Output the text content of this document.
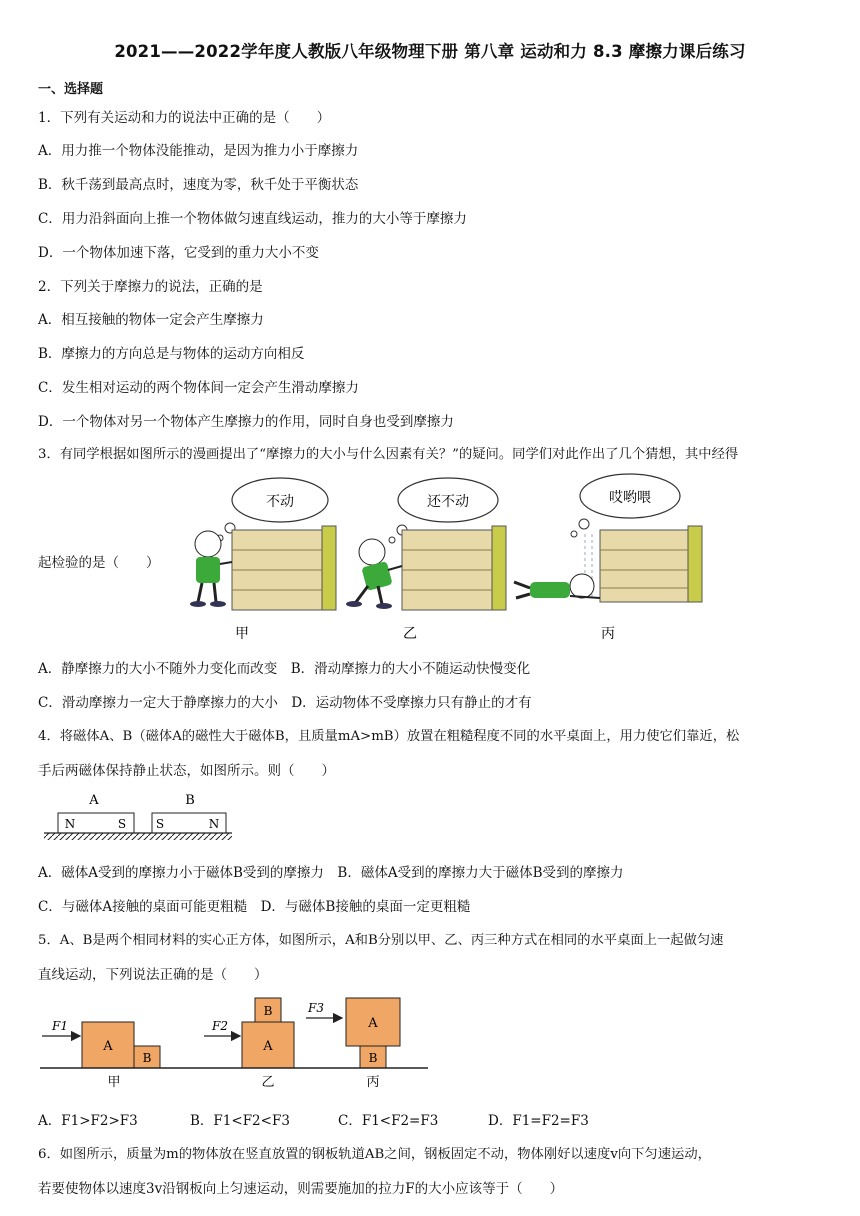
2021——2022学年度人教版八年级物理下册 第八章 运动和力 8.3 摩擦力课后练习
一、选择题
1．下列有关运动和力的说法中正确的是（　　）
A．用力推一个物体没能推动，是因为推力小于摩擦力
B．秋千荡到最高点时，速度为零，秋千处于平衡状态
C．用力沿斜面向上推一个物体做匀速直线运动，推力的大小等于摩擦力
D．一个物体加速下落，它受到的重力大小不变
2．下列关于摩擦力的说法，正确的是
A．相互接触的物体一定会产生摩擦力
B．摩擦力的方向总是与物体的运动方向相反
C．发生相对运动的两个物体间一定会产生滑动摩擦力
D．一个物体对另一个物体产生摩擦力的作用，同时自身也受到摩擦力
3．有同学根据如图所示的漫画提出了“摩擦力的大小与什么因素有关？”的疑问。同学们对此作出了几个猜想，其中经得
起检验的是（　　）
不动
甲
还不动
乙
哎哟喂
丙
A．静摩擦力的大小不随外力变化而改变　B．滑动摩擦力的大小不随运动快慢变化
C．滑动摩擦力一定大于静摩擦力的大小　D．运动物体不受摩擦力只有静止的才有
4．将磁体A、B（磁体A的磁性大于磁体B，且质量mA>mB）放置在粗糙程度不同的水平桌面上，用力使它们靠近，松
手后两磁体保持静止状态，如图所示。则（　　）
A	B
N	S S	N
A．磁体A受到的摩擦力小于磁体B受到的摩擦力　B．磁体A受到的摩擦力大于磁体B受到的摩擦力
C．与磁体A接触的桌面可能更粗糙　D．与磁体B接触的桌面一定更粗糙
5．A、B是两个相同材料的实心正方体，如图所示，A和B分别以甲、乙、丙三种方式在相同的水平桌面上一起做匀速
直线运动，下列说法正确的是（　　）
F1
A
B
甲
F2
A
B
乙
F3
A
B
丙
A．F1>F2>F3	B．F1<F2<F3	C．F1<F2=F3	D．F1=F2=F3
6．如图所示，质量为m的物体放在竖直放置的钢板轨道AB之间，钢板固定不动，物体刚好以速度v向下匀速运动，
若要使物体以速度3v沿钢板向上匀速运动，则需要施加的拉力F的大小应该等于（　　）
